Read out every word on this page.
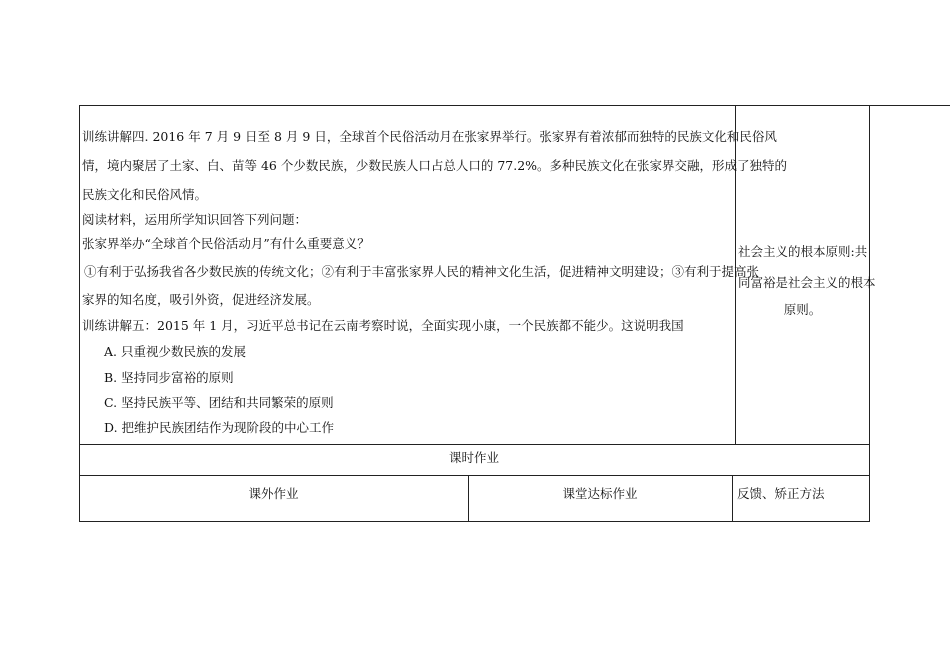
训练讲解四. 2016 年 7 月 9 日至 8 月 9 日，全球首个民俗活动月在张家界举行。张家界有着浓郁而独特的民族文化和民俗风
情，境内聚居了土家、白、苗等 46 个少数民族，少数民族人口占总人口的 77.2%。多种民族文化在张家界交融，形成了独特的
民族文化和民俗风情。
阅读材料，运用所学知识回答下列问题：
张家界举办“全球首个民俗活动月”有什么重要意义？
①有利于弘扬我省各少数民族的传统文化；②有利于丰富张家界人民的精神文化生活，促进精神文明建设；③有利于提高张
家界的知名度，吸引外资，促进经济发展。
训练讲解五：2015 年 1 月，习近平总书记在云南考察时说，全面实现小康，一个民族都不能少。这说明我国
A. 只重视少数民族的发展
B. 坚持同步富裕的原则
C. 坚持民族平等、团结和共同繁荣的原则
D. 把维护民族团结作为现阶段的中心工作
社会主义的根本原则:共
同富裕是社会主义的根本
原则。
课时作业
课外作业	课堂达标作业	反馈、矫正方法
